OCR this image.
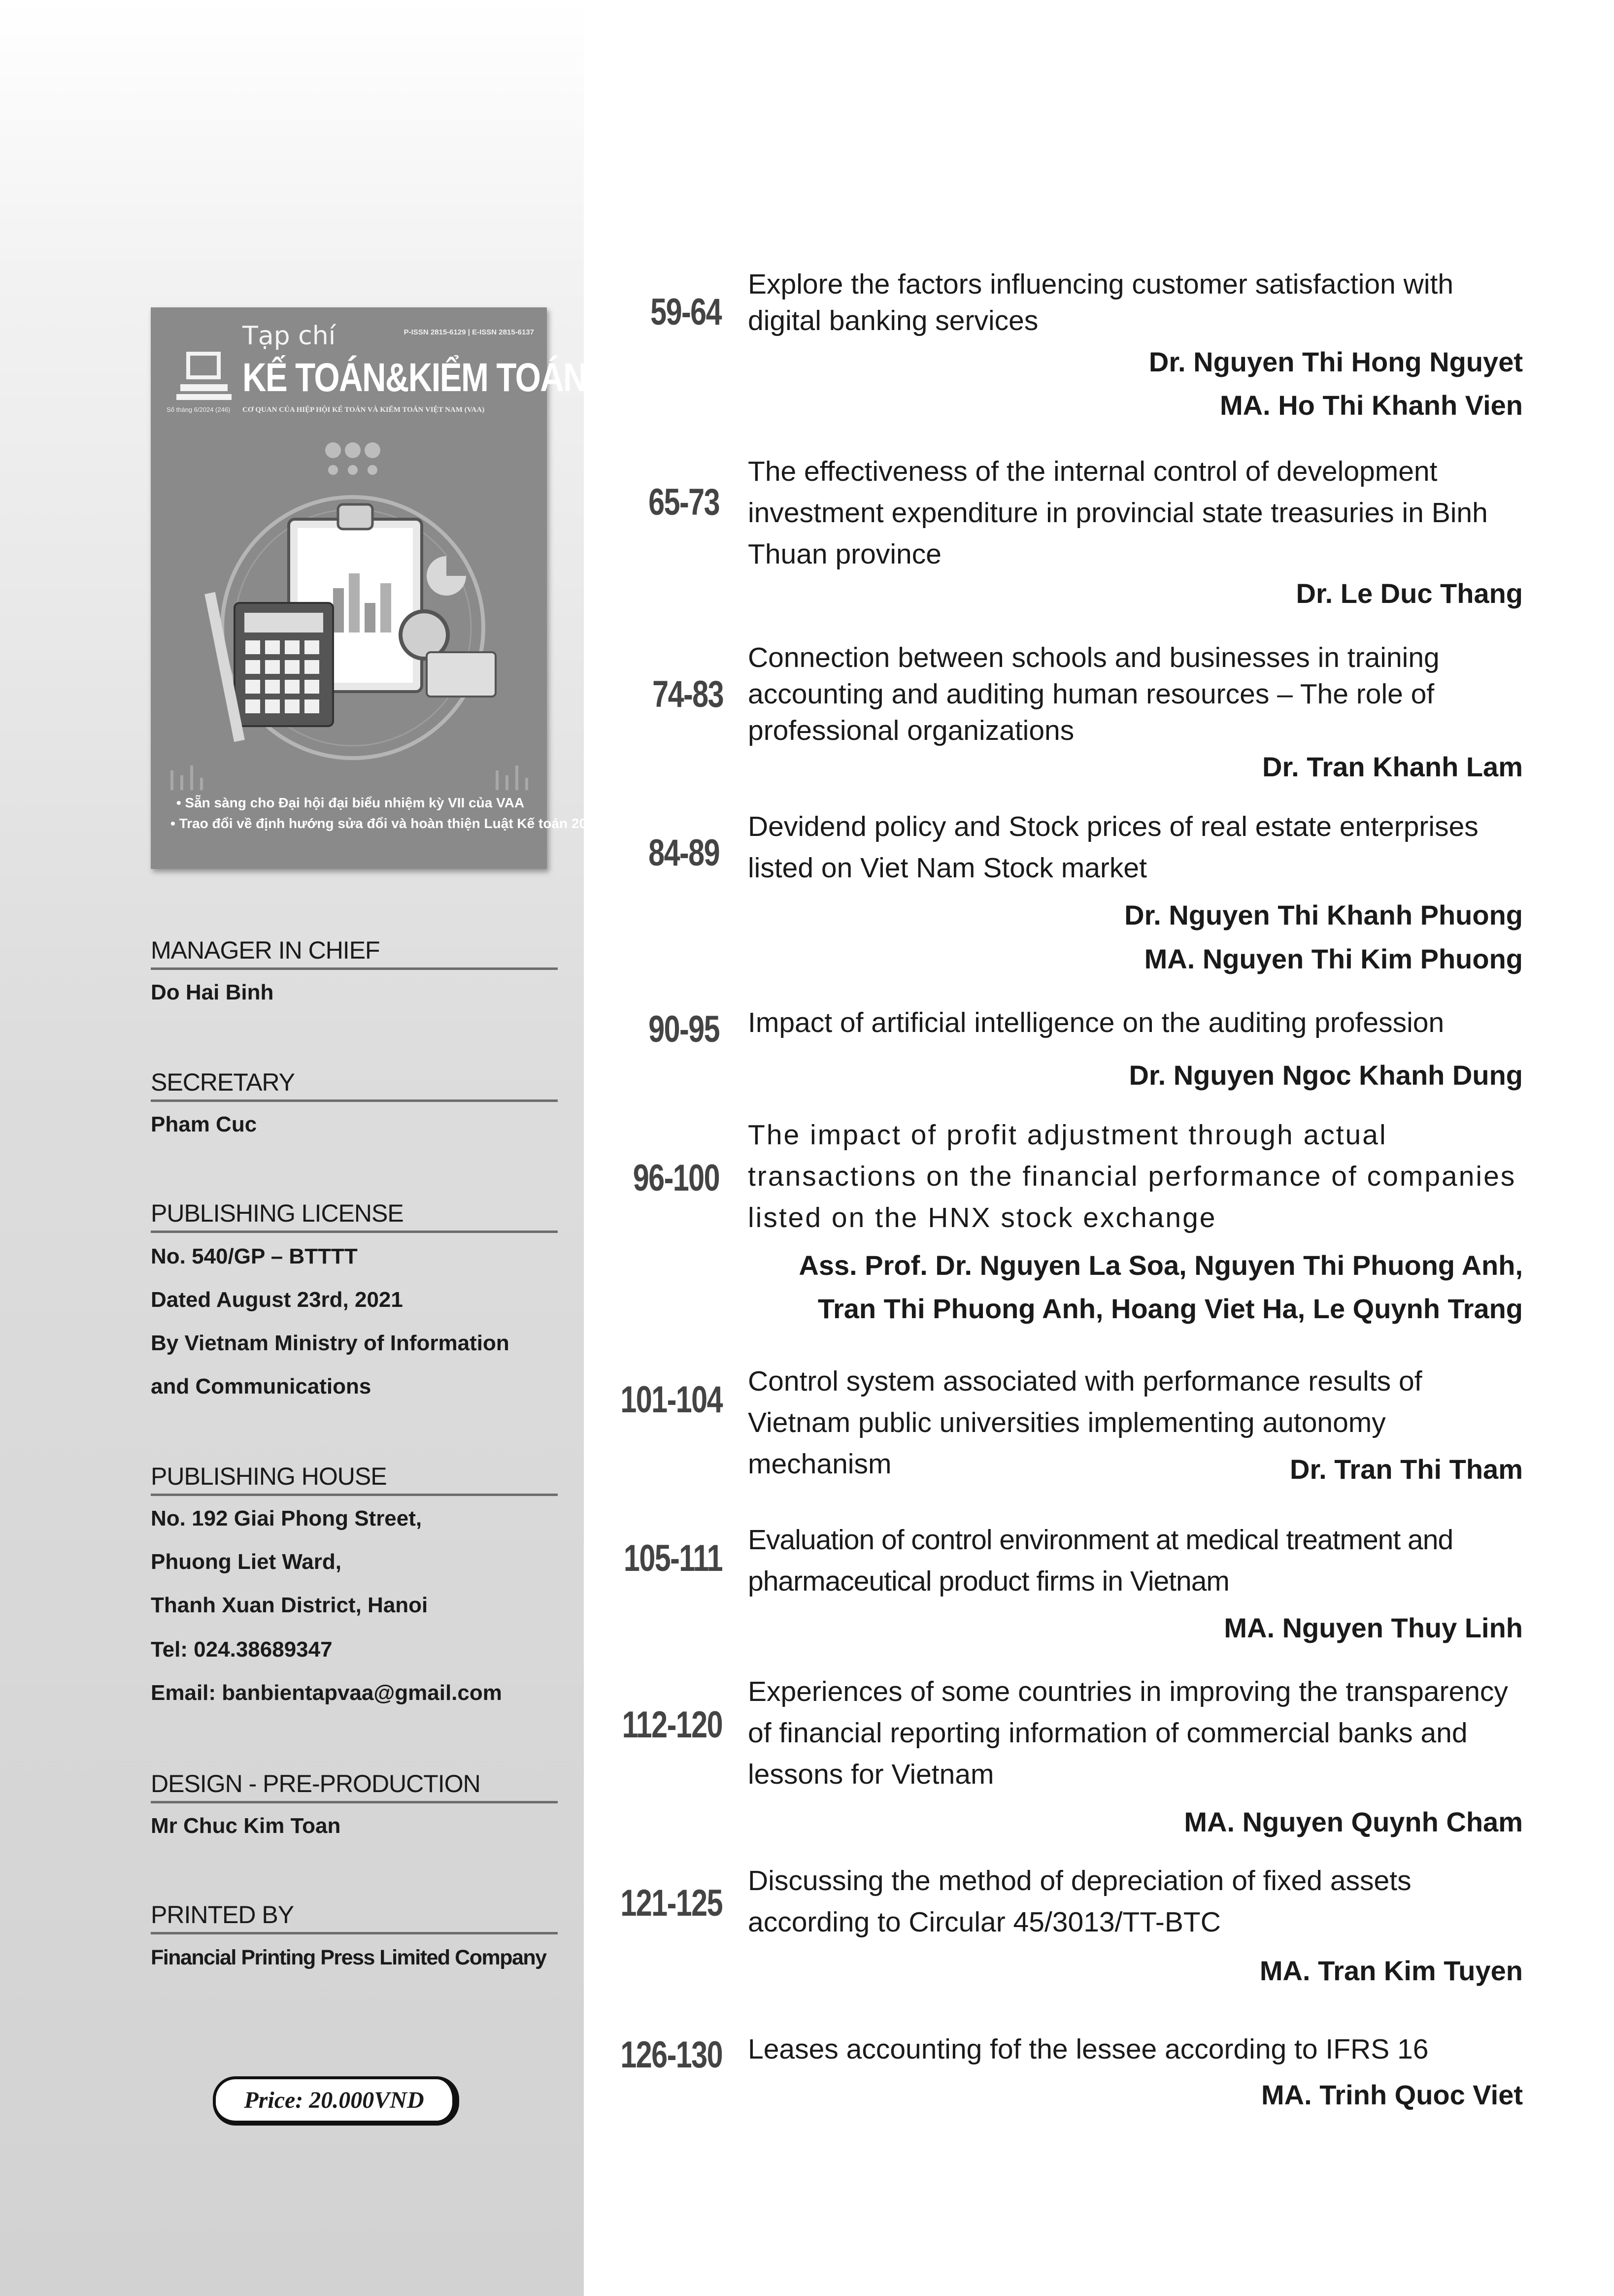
Tạp chí	P-ISSN 2815-6129 | E-ISSN 2815-6137
KẾ TOÁN&KIỂM TOÁN
Số tháng 6/2024 (246) CƠ QUAN CỦA HIỆP HỘI KẾ TOÁN VÀ KIỂM TOÁN VIỆT NAM (VAA)
• Sẵn sàng cho Đại hội đại biểu nhiệm kỳ VII của VAA
• Trao đổi về định hướng sửa đổi và hoàn thiện Luật Kế toán 2015
MANAGER IN CHIEF
Do Hai Binh
SECRETARY
Pham Cuc
PUBLISHING LICENSE
No. 540/GP – BTTTT
Dated August 23rd, 2021
By Vietnam Ministry of Information
and Communications
PUBLISHING HOUSE
No. 192 Giai Phong Street,
Phuong Liet Ward,
Thanh Xuan District, Hanoi
Tel: 024.38689347
Email: banbientapvaa@gmail.com
DESIGN - PRE-PRODUCTION
Mr Chuc Kim Toan
PRINTED BY
Financial Printing Press Limited Company
Price: 20.000VND
59-64
Explore the factors influencing customer satisfaction with digital banking services
Dr. Nguyen Thi Hong Nguyet
MA. Ho Thi Khanh Vien
65-73
The effectiveness of the internal control of development investment expenditure in provincial state treasuries in Binh Thuan province
Dr. Le Duc Thang
74-83
Connection between schools and businesses in training accounting and auditing human resources – The role of professional organizations
Dr. Tran Khanh Lam
84-89
Devidend policy and Stock prices of real estate enterprises listed on Viet Nam Stock market
Dr. Nguyen Thi Khanh Phuong
MA. Nguyen Thi Kim Phuong
90-95 Impact of artificial intelligence on the auditing profession
Dr. Nguyen Ngoc Khanh Dung
96-100
The impact of profit adjustment through actual transactions on the financial performance of companies listed on the HNX stock exchange
Ass. Prof. Dr. Nguyen La Soa, Nguyen Thi Phuong Anh,
Tran Thi Phuong Anh, Hoang Viet Ha, Le Quynh Trang
101-104 Control system associated with performance results of Vietnam public universities implementing autonomy mechanism	Dr. Tran Thi Tham
105-111 Evaluation of control environment at medical treatment and pharmaceutical product firms in Vietnam
MA. Nguyen Thuy Linh
112-120
Experiences of some countries in improving the transparency of financial reporting information of commercial banks and lessons for Vietnam
MA. Nguyen Quynh Cham
121-125
Discussing the method of depreciation of fixed assets according to Circular 45/3013/TT-BTC
MA. Tran Kim Tuyen
126-130 Leases accounting fof the lessee according to IFRS 16
MA. Trinh Quoc Viet
